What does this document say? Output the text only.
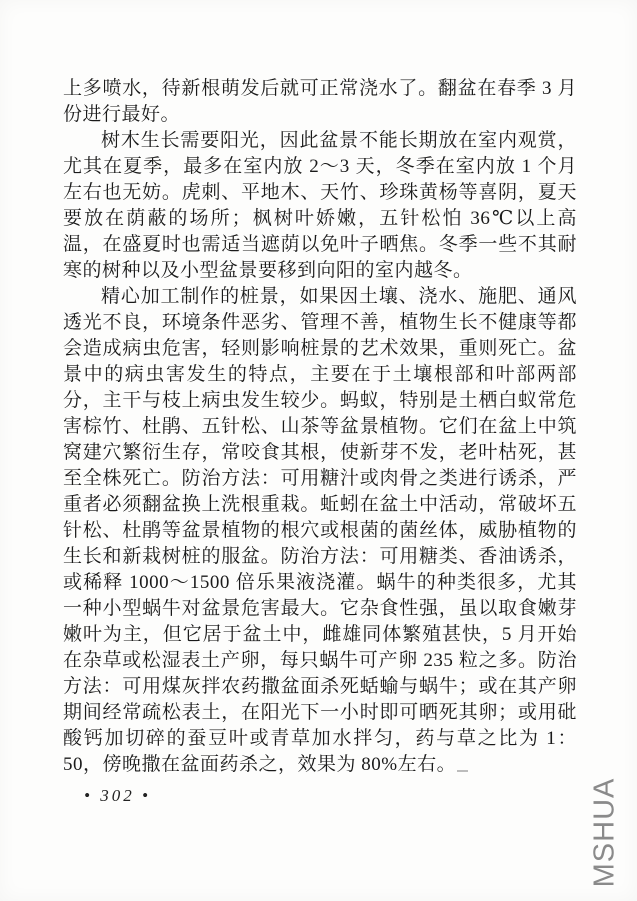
上多喷水，待新根萌发后就可正常浇水了。翻盆在春季 3 月份进行最好。

树木生长需要阳光，因此盆景不能长期放在室内观赏，尤其在夏季，最多在室内放 2～3 天，冬季在室内放 1 个月左右也无妨。虎刺、平地木、天竹、珍珠黄杨等喜阴，夏天要放在荫蔽的场所；枫树叶娇嫩，五针松怕 36℃以上高温，在盛夏时也需适当遮荫以免叶子晒焦。冬季一些不其耐寒的树种以及小型盆景要移到向阳的室内越冬。

精心加工制作的桩景，如果因土壤、浇水、施肥、通风透光不良，环境条件恶劣、管理不善，植物生长不健康等都会造成病虫危害，轻则影响桩景的艺术效果，重则死亡。盆景中的病虫害发生的特点，主要在于土壤根部和叶部两部分，主干与枝上病虫发生较少。蚂蚁，特别是土栖白蚁常危害棕竹、杜鹃、五针松、山茶等盆景植物。它们在盆上中筑窝建穴繁衍生存，常咬食其根，使新芽不发，老叶枯死，甚至全株死亡。防治方法：可用糖汁或肉骨之类进行诱杀，严重者必须翻盆换上洗根重栽。蚯蚓在盆土中活动，常破坏五针松、杜鹃等盆景植物的根穴或根菌的菌丝体，威胁植物的生长和新栽树桩的服盆。防治方法：可用糖类、香油诱杀，或稀释 1000～1500 倍乐果液浇灌。蜗牛的种类很多，尤其一种小型蜗牛对盆景危害最大。它杂食性强，虽以取食嫩芽嫩叶为主，但它居于盆土中，雌雄同体繁殖甚快，5 月开始在杂草或松湿表土产卵，每只蜗牛可产卵 235 粒之多。防治方法：可用煤灰拌农药撒盆面杀死蛞蝓与蜗牛；或在其产卵期间经常疏松表土，在阳光下一小时即可晒死其卵；或用砒酸钙加切碎的蚕豆叶或青草加水拌匀，药与草之比为 1：50，傍晚撒在盆面药杀之，效果为 80%左右。

• 302 •	MSHUA
